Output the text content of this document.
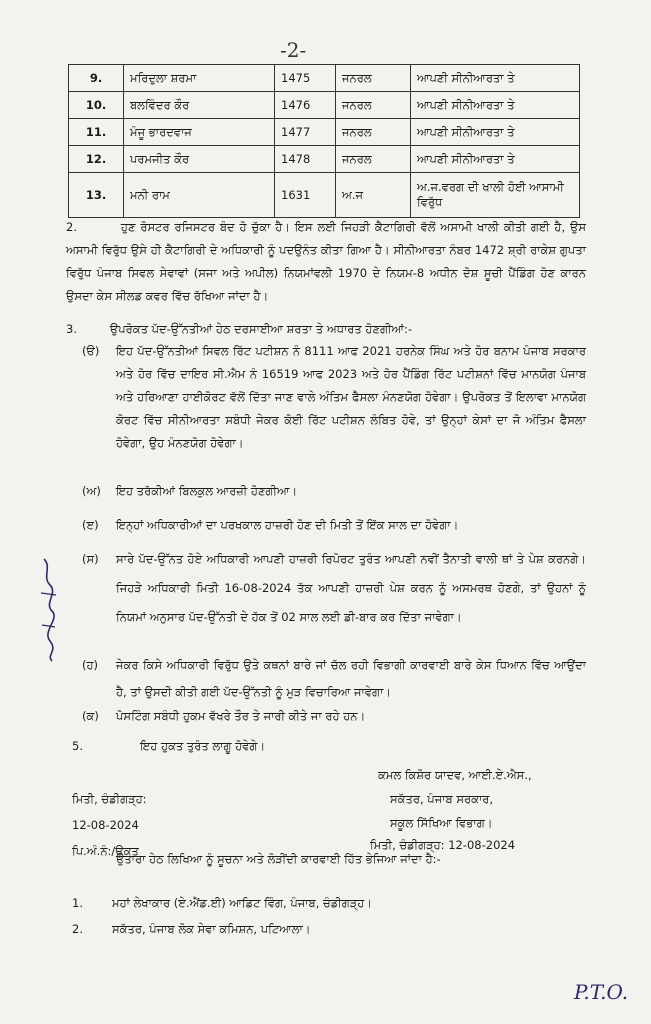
-2-
9.	ਮਰਿਦੁਲਾ ਸ਼ਰਮਾ	1475	ਜਨਰਲ	ਆਪਣੀ ਸੀਨੀਆਰਤਾ ਤੇ
10.	ਬਲਵਿੰਦਰ ਕੌਰ	1476	ਜਨਰਲ	ਆਪਣੀ ਸੀਨੀਆਰਤਾ ਤੇ
11.	ਮੰਜੂ ਭਾਰਦਵਾਜ	1477	ਜਨਰਲ	ਆਪਣੀ ਸੀਨੀਆਰਤਾ ਤੇ
12.	ਪਰਮਜੀਤ ਕੌਰ	1478	ਜਨਰਲ	ਆਪਣੀ ਸੀਨੀਆਰਤਾ ਤੇ
13.	ਮਨੀ ਰਾਮ	1631	ਅ.ਜ	ਅ.ਜ.ਵਰਗ ਦੀ ਖਾਲੀ ਹੋਈ ਆਸਾਮੀ ਵਿਰੁੱਧ
2.	ਹੁਣ ਰੋਸਟਰ ਰਜਿਸਟਰ ਬੰਦ ਹੋ ਚੁੱਕਾ ਹੈ। ਇਸ ਲਈ ਜਿਹੜੀ ਕੈਟਾਗਿਰੀ ਵੱਲੋਂ ਅਸਾਮੀ ਖਾਲੀ ਕੀਤੀ ਗਈ ਹੈ, ਉਸ ਅਸਾਮੀ ਵਿਰੁੱਧ ਉਸੇ ਹੀ ਕੈਟਾਗਿਰੀ ਦੇ ਅਧਿਕਾਰੀ ਨੂੰ ਪਦਉਨੰਤ ਕੀਤਾ ਗਿਆ ਹੈ। ਸੀਨੀਆਰਤਾ ਨੰਬਰ 1472 ਸ਼੍ਰੀ ਰਾਕੇਸ਼ ਗੁਪਤਾ ਵਿਰੁੱਧ ਪੰਜਾਬ ਸਿਵਲ ਸੇਵਾਵਾਂ (ਸਜਾ ਅਤੇ ਅਪੀਲ) ਨਿਯਮਾਂਵਲੀ 1970 ਦੇ ਨਿਯਮ-8 ਅਧੀਨ ਦੋਸ਼ ਸੂਚੀ ਪੈਂਡਿੰਗ ਹੋਣ ਕਾਰਨ ਉਸਦਾ ਕੇਸ ਸੀਲਡ ਕਵਰ ਵਿੱਚ ਰੱਖਿਆ ਜਾਂਦਾ ਹੈ।
3.	ਉਪਰੋਕਤ ਪੱਦ-ਉੱਨਤੀਆਂ ਹੇਠ ਦਰਸਾਈਆ ਸ਼ਰਤਾ ਤੇ ਅਧਾਰਤ ਹੋਣਗੀਆਂ:-
(ੳ) ਇਹ ਪੱਦ-ਉੱਨਤੀਆਂ ਸਿਵਲ ਰਿੱਟ ਪਟੀਸ਼ਨ ਨੰ 8111 ਆਫ 2021 ਹਰਨੇਕ ਸਿੰਘ ਅਤੇ ਹੋਰ ਬਨਾਮ ਪੰਜਾਬ ਸਰਕਾਰ ਅਤੇ ਹੋਰ ਵਿੱਚ ਦਾਇਰ ਸੀ.ਐਮ ਨੰ 16519 ਆਫ 2023 ਅਤੇ ਹੋਰ ਪੈਂਡਿੰਗ ਰਿੱਟ ਪਟੀਸ਼ਨਾਂ ਵਿੱਚ ਮਾਨਯੋਗ ਪੰਜਾਬ ਅਤੇ ਹਰਿਆਣਾ ਹਾਈਕੋਰਟ ਵੱਲੋਂ ਦਿੱਤਾ ਜਾਣ ਵਾਲੇ ਅੰਤਿਮ ਫੈਸਲਾ ਮੰਨਣਯੋਗ ਹੋਵੇਗਾ। ਉਪਰੋਕਤ ਤੋਂ ਇਲਾਵਾ ਮਾਨਯੋਗ ਕੋਰਟ ਵਿੱਚ ਸੀਨੀਆਰਤਾ ਸਬੰਧੀ ਜੇਕਰ ਕੋਈ ਰਿੱਟ ਪਟੀਸ਼ਨ ਲੰਬਿਤ ਹੋਵੇ, ਤਾਂ ਉਨ੍ਹਾਂ ਕੇਸਾਂ ਦਾ ਜੋ ਅੰਤਿਮ ਫੈਸਲਾ ਹੋਵੇਗਾ, ਉਹ ਮੰਨਣਯੋਗ ਹੋਵੇਗਾ।
(ਅ) ਇਹ ਤਰੱਕੀਆਂ ਬਿਲਕੁਲ ਆਰਜ਼ੀ ਹੋਣਗੀਆ।
(ੲ) ਇਨ੍ਹਾਂ ਅਧਿਕਾਰੀਆਂ ਦਾ ਪਰਖਕਾਲ ਹਾਜ਼ਰੀ ਹੋਣ ਦੀ ਮਿਤੀ ਤੋਂ ਇੱਕ ਸਾਲ ਦਾ ਹੋਵੇਗਾ।
(ਸ) ਸਾਰੇ ਪੱਦ-ਉੱਨਤ ਹੋਏ ਅਧਿਕਾਰੀ ਆਪਣੀ ਹਾਜ਼ਰੀ ਰਿਪੋਰਟ ਤੁਰੰਤ ਆਪਣੀ ਨਵੀਂ ਤੈਨਾਤੀ ਵਾਲੀ ਥਾਂ ਤੇ ਪੇਸ਼ ਕਰਨਗੇ। ਜਿਹੜੇ ਅਧਿਕਾਰੀ ਮਿਤੀ 16-08-2024 ਤੱਕ ਆਪਣੀ ਹਾਜ਼ਰੀ ਪੇਸ਼ ਕਰਨ ਨੂੰ ਅਸਮਰਥ ਹੋਣਗੇ, ਤਾਂ ਉਹਨਾਂ ਨੂੰ ਨਿਯਮਾਂ ਅਨੁਸਾਰ ਪੱਦ-ਉੱਨਤੀ ਦੇ ਹੱਕ ਤੋਂ 02 ਸਾਲ ਲਈ ਡੀ-ਬਾਰ ਕਰ ਦਿੱਤਾ ਜਾਵੇਗਾ।
(ਹ) ਜੇਕਰ ਕਿਸੇ ਅਧਿਕਾਰੀ ਵਿਰੁੱਧ ਉਤੇ ਕਥਨਾਂ ਬਾਰੇ ਜਾਂ ਚੱਲ ਰਹੀ ਵਿਭਾਗੀ ਕਾਰਵਾਈ ਬਾਰੇ ਕੇਸ ਧਿਆਨ ਵਿੱਚ ਆਉਂਦਾ ਹੈ, ਤਾਂ ਉਸਦੀ ਕੀਤੀ ਗਈ ਪੱਦ-ਉੱਨਤੀ ਨੂੰ ਮੁੜ ਵਿਚਾਰਿਆ ਜਾਵੇਗਾ।
(ਕ) ਪੋਸਟਿੰਗ ਸਬੰਧੀ ਹੁਕਮ ਵੱਖਰੇ ਤੌਰ ਤੇ ਜਾਰੀ ਕੀਤੇ ਜਾ ਰਹੇ ਹਨ।
5.	ਇਹ ਹੁਕਤ ਤੁਰੰਤ ਲਾਗੂ ਹੋਵੇਗੇ।
ਕਮਲ ਕਿਸ਼ੋਰ ਯਾਦਵ, ਆਈ.ਏ.ਐਸ.,
ਸਕੱਤਰ, ਪੰਜਾਬ ਸਰਕਾਰ,
ਸਕੂਲ ਸਿੱਖਿਆ ਵਿਭਾਗ।
ਮਿਤੀ, ਚੰਡੀਗੜ੍ਹ:
12-08-2024
ਪਿ.ਅੰ.ਨੰ:/ਉਕਤ	ਮਿਤੀ, ਚੰਡੀਗੜ੍ਹ: 12-08-2024
ਉਤਾਰਾ ਹੇਠ ਲਿਖਿਆ ਨੂੰ ਸੂਚਨਾ ਅਤੇ ਲੋੜੀਂਦੀ ਕਾਰਵਾਈ ਹਿੱਤ ਭੇਜਿਆ ਜਾਂਦਾ ਹੈ:-
1.	ਮਹਾਂ ਲੇਖਾਕਾਰ (ਏ.ਐਂਡ.ਈ) ਆਡਿਟ ਵਿੰਗ, ਪੰਜਾਬ, ਚੰਡੀਗੜ੍ਹ।
2.	ਸਕੱਤਰ, ਪੰਜਾਬ ਲੋਕ ਸੇਵਾ ਕਮਿਸ਼ਨ, ਪਟਿਆਲਾ।
P.T.O.
